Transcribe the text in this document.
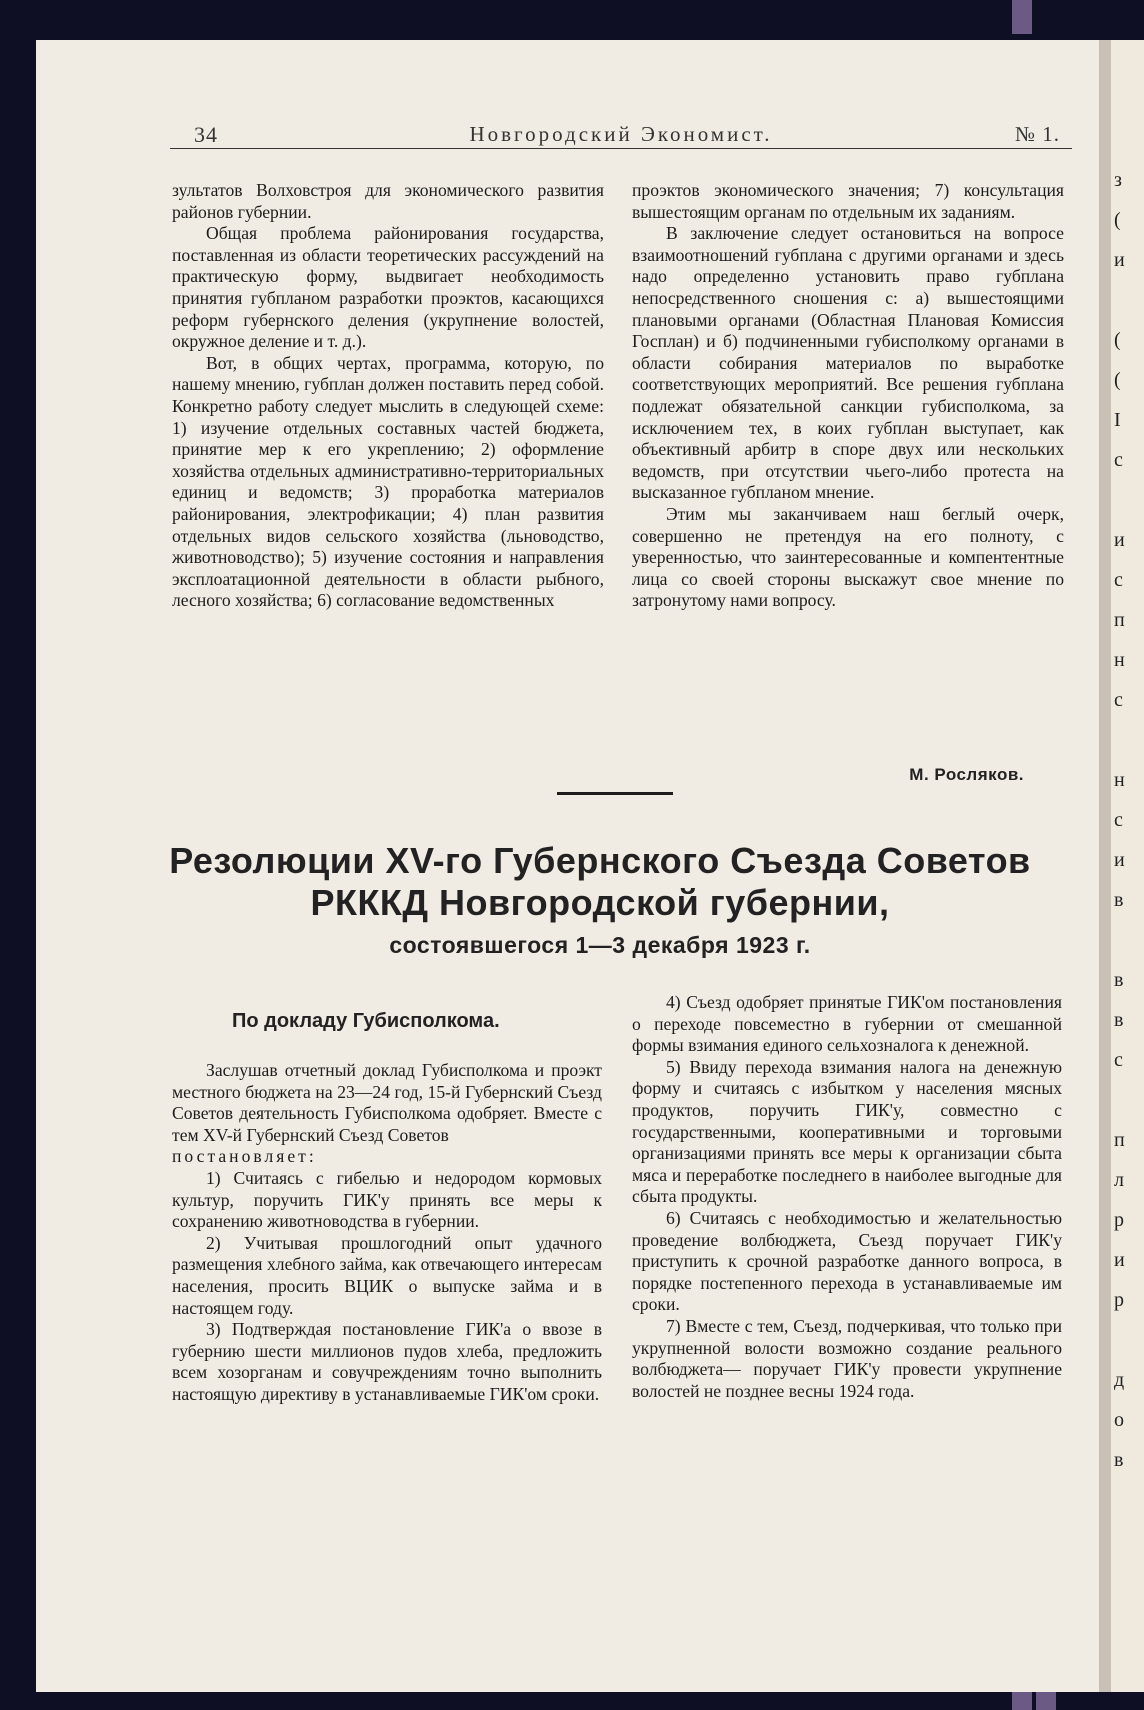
з
(
и
(
(
І
с
и
с
п
н
с
н
с
и
в
в
в
с
п
л
р
и
р
д
о
в
34	Новгородский Экономист.	№ 1.

зультатов Волховстроя для экономического развития районов губернии.

Общая проблема районирования государства, поставленная из области теоретических рассуждений на практическую форму, выдвигает необходимость принятия губпланом разработки проэктов, касающихся реформ губернского деления (укрупнение волостей, окружное деление и т. д.).

Вот, в общих чертах, программа, которую, по нашему мнению, губплан должен поставить перед собой. Конкретно работу следует мыслить в следующей схеме: 1) изучение отдельных составных частей бюджета, принятие мер к его укреплению; 2) оформление хозяйства отдельных административно-территориальных единиц и ведомств; 3) проработка материалов районирования, электрофикации; 4) план развития отдельных видов сельского хозяйства (льноводство, животноводство); 5) изучение состояния и направления эксплоатационной деятельности в области рыбного, лесного хозяйства; 6) согласование ведомственных

проэктов экономического значения; 7) консультация вышестоящим органам по отдельным их заданиям.

В заключение следует остановиться на вопросе взаимоотношений губплана с другими органами и здесь надо определенно установить право губплана непосредственного сношения с: а) вышестоящими плановыми органами (Областная Плановая Комиссия Госплан) и б) подчиненными губисполкому органами в области собирания материалов по выработке соответствующих мероприятий. Все решения губплана подлежат обязательной санкции губисполкома, за исключением тех, в коих губплан выступает, как объективный арбитр в споре двух или нескольких ведомств, при отсутствии чьего-либо протеста на высказанное губпланом мнение.

Этим мы заканчиваем наш беглый очерк, совершенно не претендуя на его полноту, с уверенностью, что заинтересованные и компентентные лица со своей стороны выскажут свое мнение по затронутому нами вопросу.

М. Росляков.
Резолюции XV-го Губернского Съезда Советов
РКККД Новгородской губернии,
состоявшегося 1—3 декабря 1923 г.
По докладу Губисполкома.

Заслушав отчетный доклад Губисполкома и проэкт местного бюджета на 23—24 год, 15-й Губернский Съезд Советов деятельность Губисполкома одобряет. Вместе с тем XV-й Губернский Съезд Советов

постановляет:

1) Считаясь с гибелью и недородом кормовых культур, поручить ГИК'у принять все меры к сохранению животноводства в губернии.

2) Учитывая прошлогодний опыт удачного размещения хлебного займа, как отвечающего интересам населения, просить ВЦИК о выпуске займа и в настоящем году.

3) Подтверждая постановление ГИК'а о ввозе в губернию шести миллионов пудов хлеба, предложить всем хозорганам и совучреждениям точно выполнить настоящую директиву в устанавливаемые ГИК'ом сроки.

4) Съезд одобряет принятые ГИК'ом постановления о переходе повсеместно в губернии от смешанной формы взимания единого сельхозналога к денежной.

5) Ввиду перехода взимания налога на денежную форму и считаясь с избытком у населения мясных продуктов, поручить ГИК'у, совместно с государственными, кооперативными и торговыми организациями принять все меры к организации сбыта мяса и переработке последнего в наиболее выгодные для сбыта продукты.

6) Считаясь с необходимостью и желательностью проведение волбюджета, Съезд поручает ГИК'у приступить к срочной разработке данного вопроса, в порядке постепенного перехода в устанавливаемые им сроки.

7) Вместе с тем, Съезд, подчеркивая, что только при укрупненной волости возможно создание реального волбюджета— поручает ГИК'у провести укрупнение волостей не позднее весны 1924 года.
